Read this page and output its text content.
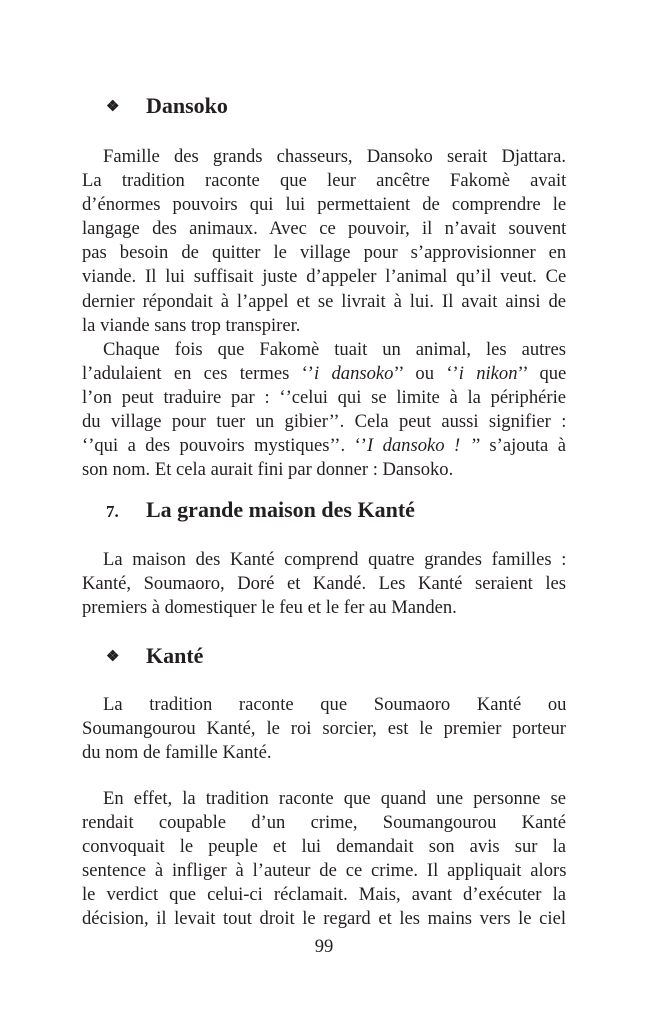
❖ Dansoko
Famille des grands chasseurs, Dansoko serait Djattara.
La tradition raconte que leur ancêtre Fakomè avait
d’énormes pouvoirs qui lui permettaient de comprendre le
langage des animaux. Avec ce pouvoir, il n’avait souvent
pas besoin de quitter le village pour s’approvisionner en
viande. Il lui suffisait juste d’appeler l’animal qu’il veut. Ce
dernier répondait à l’appel et se livrait à lui. Il avait ainsi de
la viande sans trop transpirer.
Chaque fois que Fakomè tuait un animal, les autres
l’adulaient en ces termes ‘’i dansoko’’ ou ‘’i nikon’’ que
l’on peut traduire par : ‘’celui qui se limite à la périphérie
du village pour tuer un gibier’’. Cela peut aussi signifier :
‘’qui a des pouvoirs mystiques’’. ‘’I dansoko ! ’’ s’ajouta à
son nom. Et cela aurait fini par donner : Dansoko.
7. La grande maison des Kanté
La maison des Kanté comprend quatre grandes familles :
Kanté, Soumaoro, Doré et Kandé. Les Kanté seraient les
premiers à domestiquer le feu et le fer au Manden.
❖ Kanté
La tradition raconte que Soumaoro Kanté ou
Soumangourou Kanté, le roi sorcier, est le premier porteur
du nom de famille Kanté.
En effet, la tradition raconte que quand une personne se
rendait coupable d’un crime, Soumangourou Kanté
convoquait le peuple et lui demandait son avis sur la
sentence à infliger à l’auteur de ce crime. Il appliquait alors
le verdict que celui-ci réclamait. Mais, avant d’exécuter la
décision, il levait tout droit le regard et les mains vers le ciel
99
